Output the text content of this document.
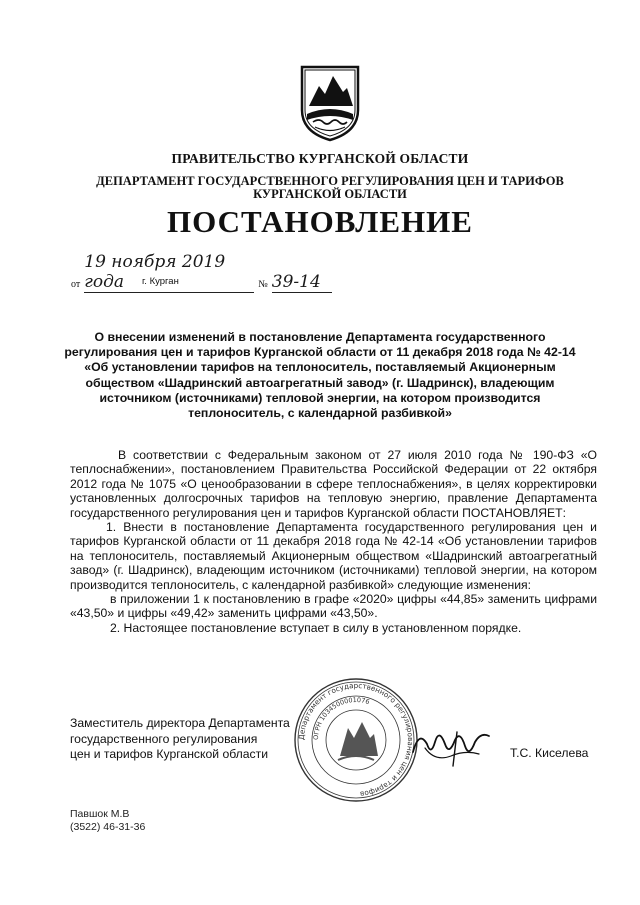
ПРАВИТЕЛЬСТВО КУРГАНСКОЙ ОБЛАСТИ
ДЕПАРТАМЕНТ ГОСУДАРСТВЕННОГО РЕГУЛИРОВАНИЯ ЦЕН И ТАРИФОВ
КУРГАНСКОЙ ОБЛАСТИ
ПОСТАНОВЛЕНИЕ
от 19 ноября 2019 года	№ 39-14
г. Курган
О внесении изменений в постановление Департамента государственного регулирования цен и тарифов Курганской области от 11 декабря 2018 года № 42-14 «Об установлении тарифов на теплоноситель, поставляемый Акционерным обществом «Шадринский автоагрегатный завод» (г. Шадринск), владеющим источником (источниками) тепловой энергии, на котором производится теплоноситель, с календарной разбивкой»

В соответствии с Федеральным законом от 27 июля 2010 года № 190-ФЗ «О теплоснабжении», постановлением Правительства Российской Федерации от 22 октября 2012 года № 1075 «О ценообразовании в сфере теплоснабжения», в целях корректировки установленных долгосрочных тарифов на тепловую энергию, правление Департамента государственного регулирования цен и тарифов Курганской области ПОСТАНОВЛЯЕТ:

1. Внести в постановление Департамента государственного регулирования цен и тарифов Курганской области от 11 декабря 2018 года № 42-14 «Об установлении тарифов на теплоноситель, поставляемый Акционерным обществом «Шадринский автоагрегатный завод» (г. Шадринск), владеющим источником (источниками) тепловой энергии, на котором производится теплоноситель, с календарной разбивкой» следующие изменения:

в приложении 1 к постановлению в графе «2020» цифры «44,85» заменить цифрами «43,50» и цифры «49,42» заменить цифрами «43,50».

2. Настоящее постановление вступает в силу в установленном порядке.

Департамент государственного регулирования цен и тарифов
ОГРН 1034500001076
Заместитель директора Департамента
государственного регулирования
цен и тарифов Курганской области	Т.С. Киселева
Павшок М.В
(3522) 46-31-36
